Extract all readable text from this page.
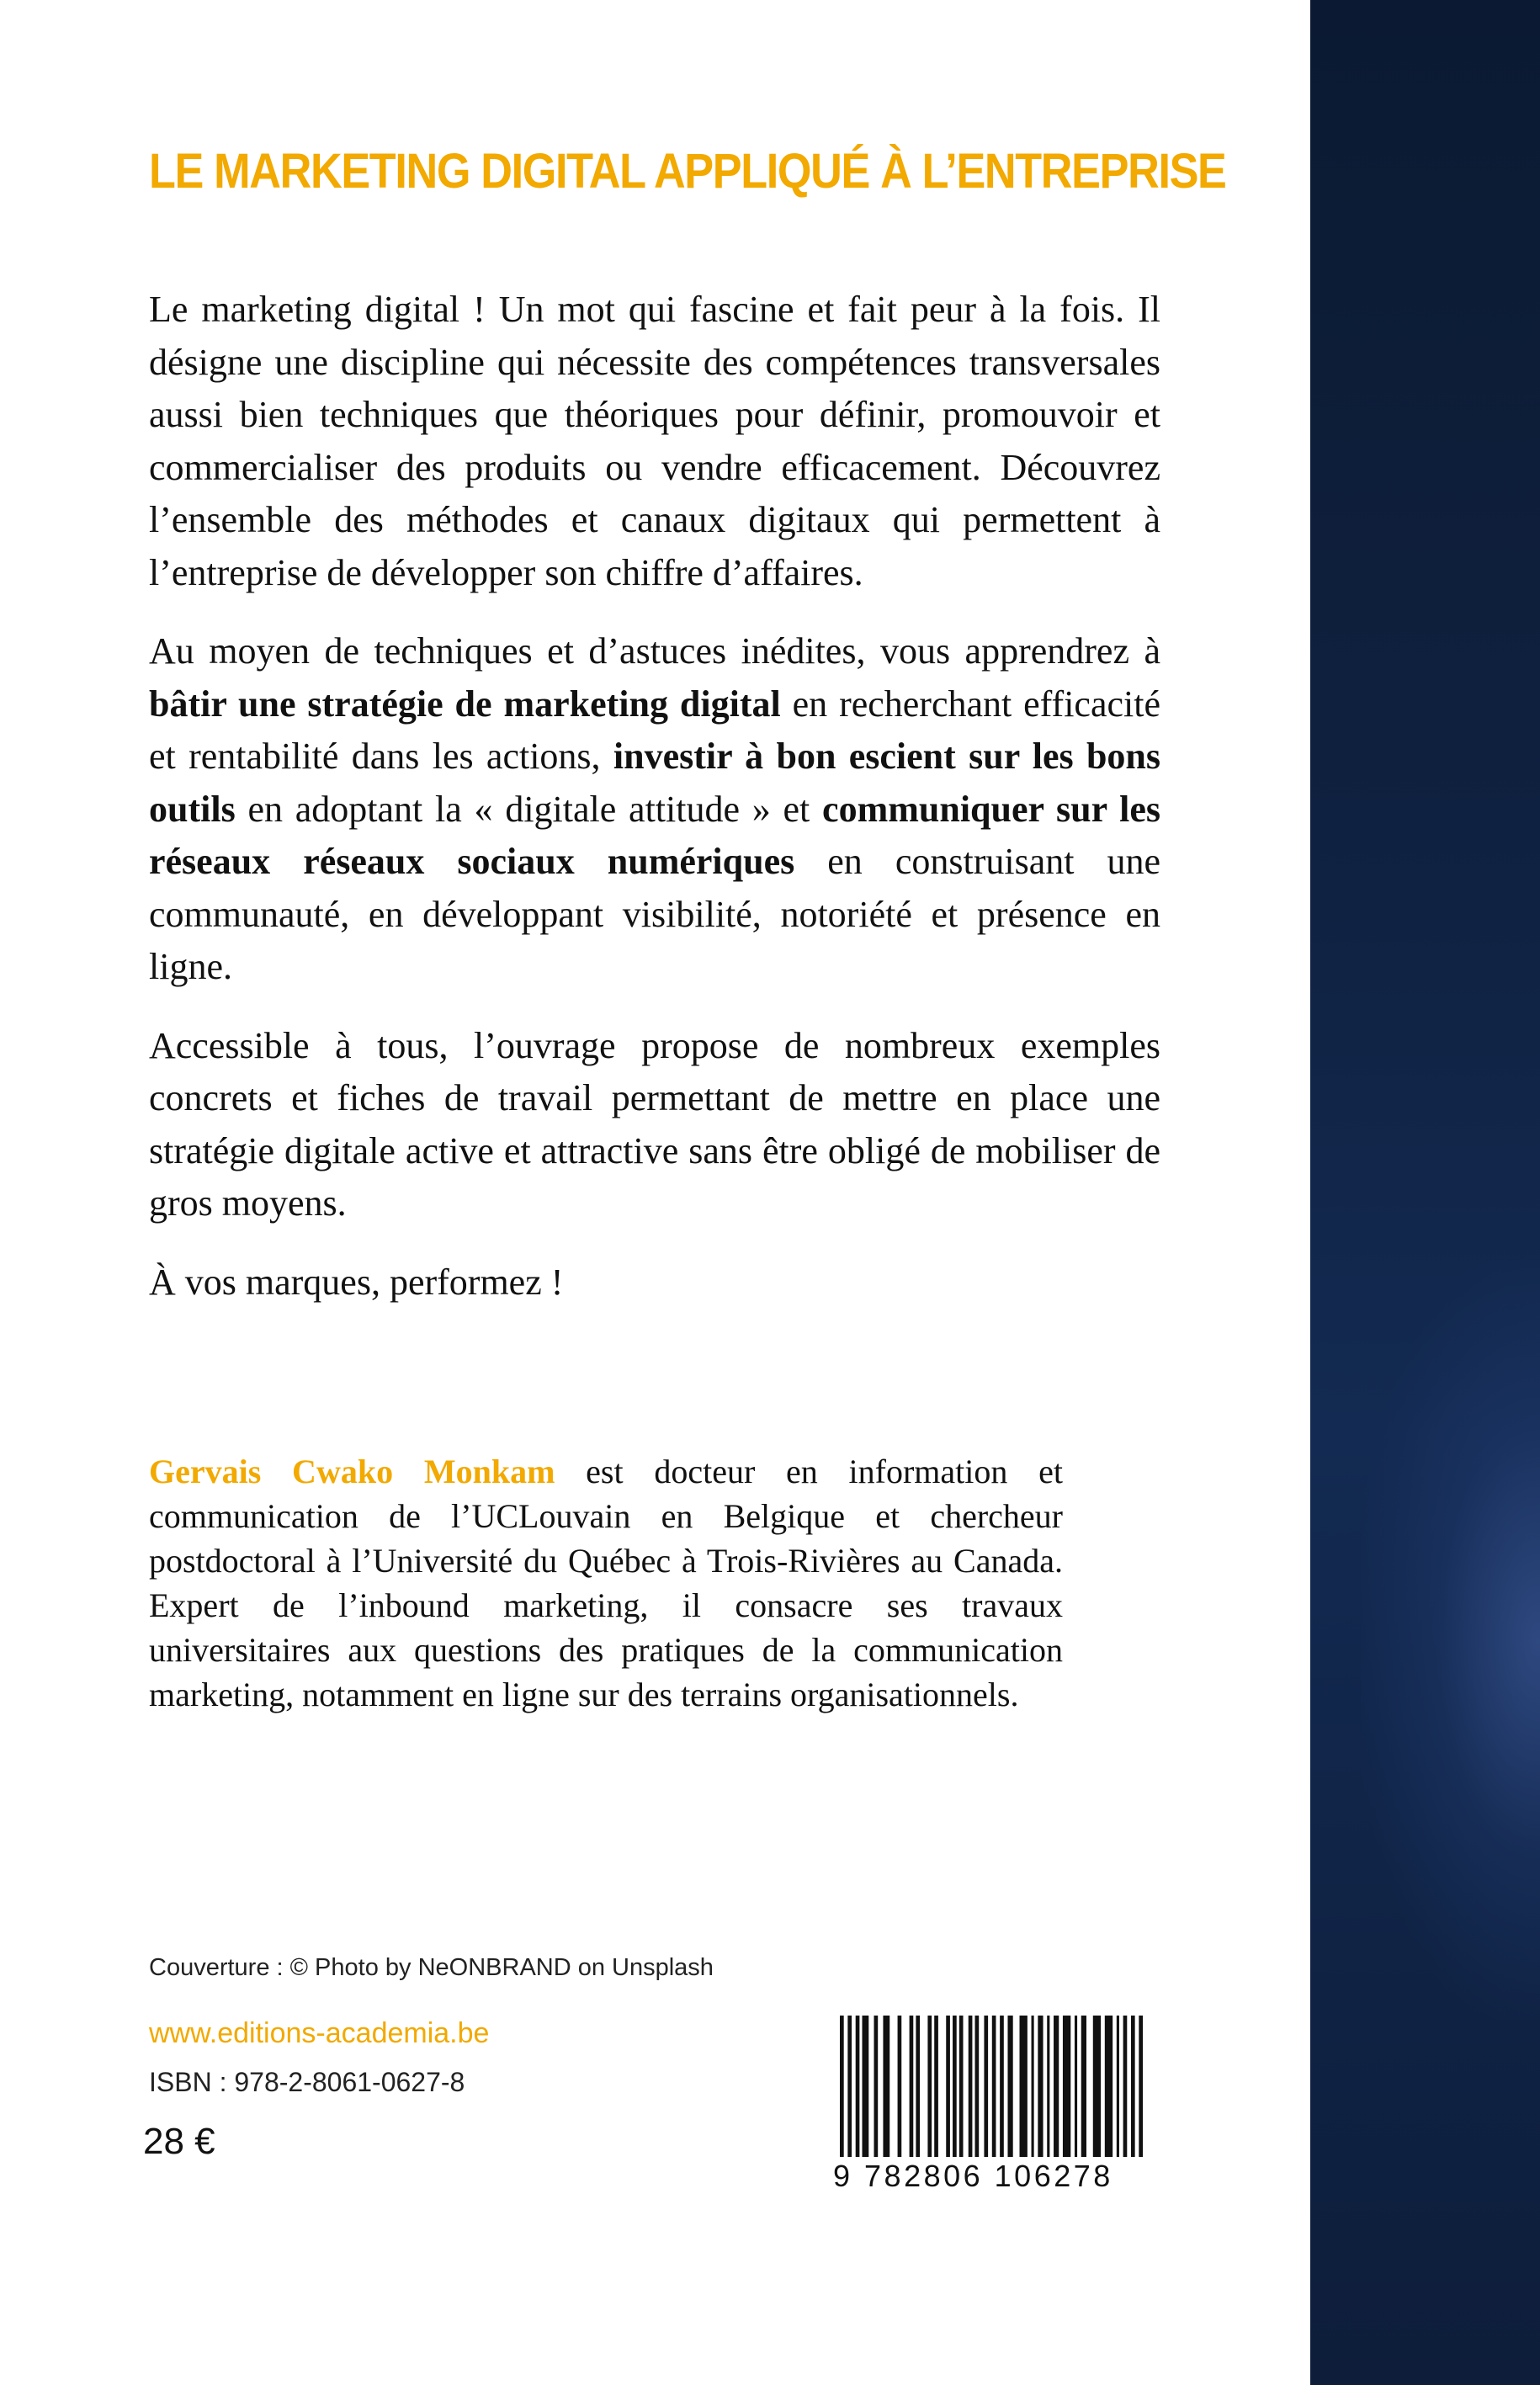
LE MARKETING DIGITAL APPLIQUÉ À L’ENTREPRISE

Le marketing digital ! Un mot qui fascine et fait peur à la fois. Il désigne une discipline qui nécessite des compétences transversales aussi bien techniques que théoriques pour définir, promouvoir et commercialiser des produits ou vendre efficacement. Découvrez l’ensemble des méthodes et canaux digitaux qui permettent à l’entreprise de développer son chiffre d’affaires.

Au moyen de techniques et d’astuces inédites, vous apprendrez à bâtir une stratégie de marketing digital en recherchant efficacité et rentabilité dans les actions, investir à bon escient sur les bons outils en adoptant la « digitale attitude » et communiquer sur les réseaux réseaux sociaux numériques en construisant une communauté, en développant visibilité, notoriété et présence en ligne.

Accessible à tous, l’ouvrage propose de nombreux exemples concrets et fiches de travail permettant de mettre en place une stratégie digitale active et attractive sans être obligé de mobiliser de gros moyens.

À vos marques, performez !

Gervais Cwako Monkam est docteur en information et communication de l’UCLouvain en Belgique et chercheur postdoctoral à l’Université du Québec à Trois-Rivières au Canada. Expert de l’inbound marketing, il consacre ses travaux universitaires aux questions des pratiques de la communication marketing, notamment en ligne sur des terrains organisationnels.

Couverture : © Photo by NeONBRAND on Unsplash
www.editions-academia.be
ISBN : 978-2-8061-0627-8
28 €
9 782806 106278
